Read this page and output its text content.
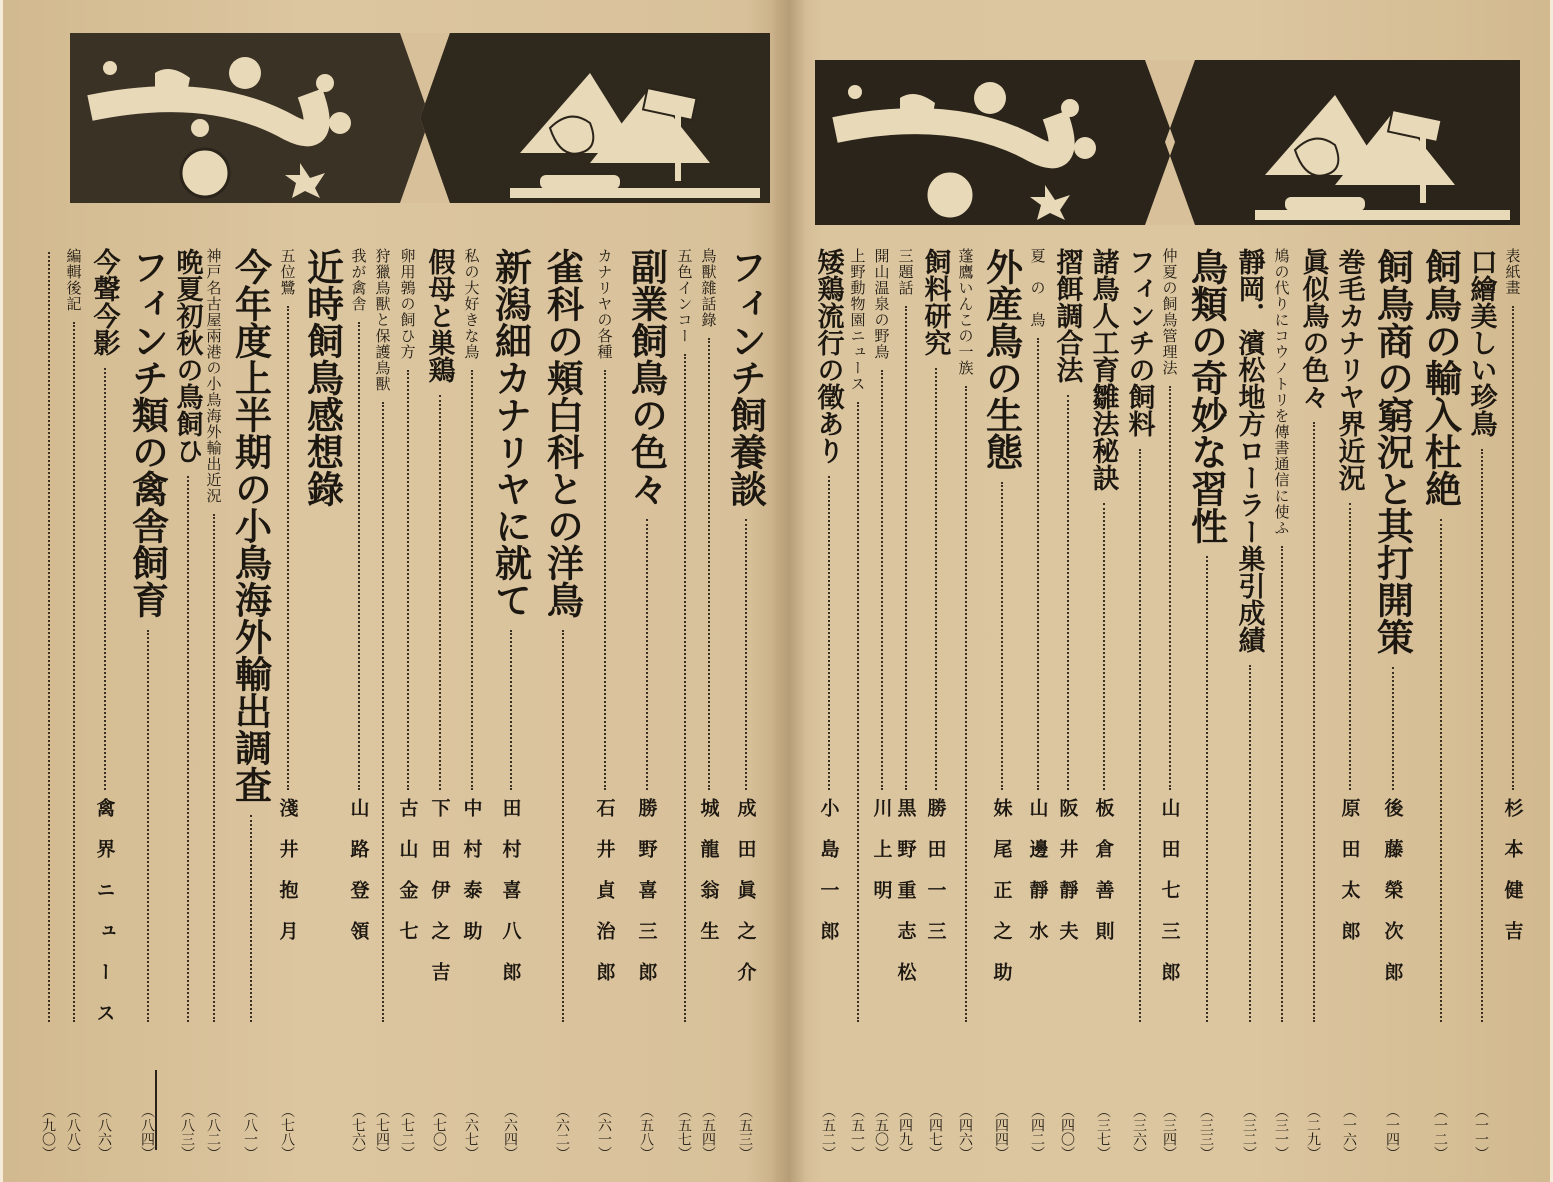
フィンチ飼養談
成田眞之介
（五三）
鳥獸雜話錄
城龍翁生
（五四）
五色インコー
（五七）
副業飼鳥の色々
勝野喜三郎
（五八）
カナリヤの各種
石井貞治郎
（六一）
雀科の頬白科との洋鳥
（六二）
新潟細カナリヤに就て
田村喜八郎
（六四）
私の大好きな鳥
中村泰助
（六七）
假母と巣鶏
下田伊之吉
（七〇）
卵用鶉の飼ひ方
古山金七
（七二）
狩獵鳥獸と保護鳥獸
（七四）
我が禽舎
山路登領
（七六）
近時飼鳥感想錄
五位鷺
淺井抱月
（七八）
今年度上半期の小鳥海外輸出調査
（八一）
神戸名古屋兩港の小鳥海外輸出近況
（八二）
晩夏初秋の鳥飼ひ
（八三）
フィンチ類の禽舎飼育
（八四）
今聲今影
禽界ニュース
（八六）
編輯後記
（八八）
（九〇）
表紙畫
杉本健吉
口繪美しい珍鳥
（一一）
飼鳥の輸入杜絶
（一二）
飼鳥商の窮況と其打開策
後藤榮次郎
（一四）
巻毛カナリヤ界近況
原田太郎
（一六）
眞似鳥の色々
（二九）
鳩の代りにコウノトリを傳書通信に使ふ
（三一）
靜岡．濱松地方ローラー巣引成績
（三二）
鳥類の奇妙な習性
（三三）
仲夏の飼鳥管理法
山田七三郎
（三四）
フィンチの飼料
（三六）
諸鳥人工育雛法秘訣
板倉善則
（三七）
摺餌調合法
阪井靜夫
（四〇）
夏　の　鳥
山邊靜水
（四二）
外産鳥の生態
妹尾正之助
（四四）
蓬鷹いんこの一族
（四六）
飼料研究
勝田一三
（四七）
三題話
黒野重志松
（四九）
開山温泉の野鳥
川上明
（五〇）
上野動物園ニュース
（五一）
矮鶏流行の徵あり
小島一郎
（五二）
